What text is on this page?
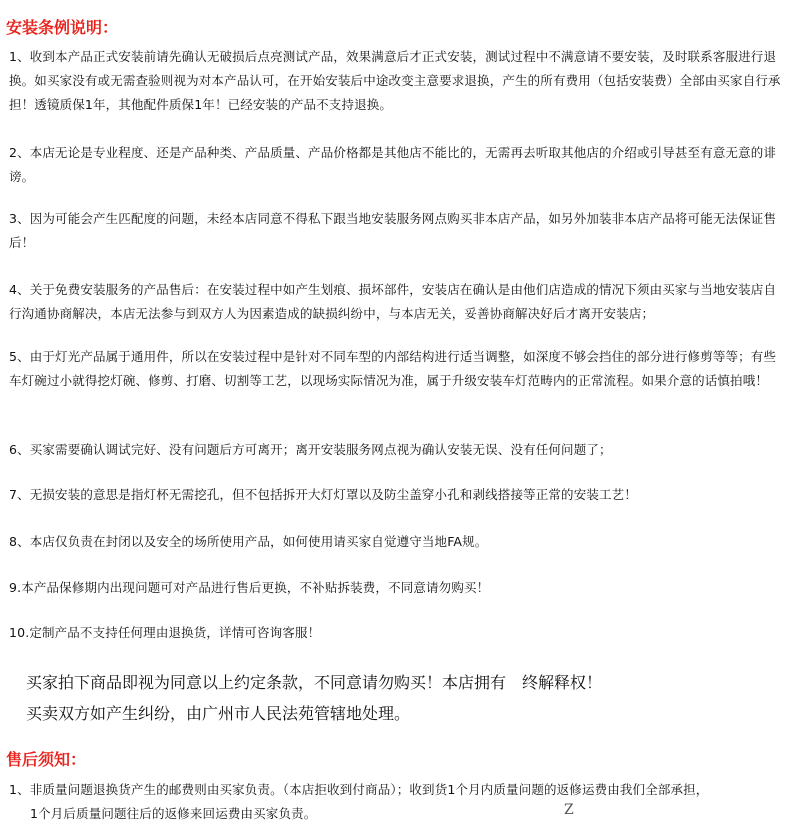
安装条例说明：

1、收到本产品正式安装前请先确认无破损后点亮测试产品，效果满意后才正式安装，测试过程中不满意请不要安装，及时联系客服进行退换。如买家没有或无需查验则视为对本产品认可，在开始安装后中途改变主意要求退换，产生的所有费用（包括安装费）全部由买家自行承担！透镜质保1年，其他配件质保1年！已经安装的产品不支持退换。

2、本店无论是专业程度、还是产品种类、产品质量、产品价格都是其他店不能比的，无需再去听取其他店的介绍或引导甚至有意无意的诽谤。

3、因为可能会产生匹配度的问题，未经本店同意不得私下跟当地安装服务网点购买非本店产品，如另外加装非本店产品将可能无法保证售后！

4、关于免费安装服务的产品售后：在安装过程中如产生划痕、损坏部件，安装店在确认是由他们店造成的情况下须由买家与当地安装店自行沟通协商解决，本店无法参与到双方人为因素造成的缺损纠纷中，与本店无关，妥善协商解决好后才离开安装店；

5、由于灯光产品属于通用件，所以在安装过程中是针对不同车型的内部结构进行适当调整，如深度不够会挡住的部分进行修剪等等；有些车灯碗过小就得挖灯碗、修剪、打磨、切割等工艺，以现场实际情况为准，属于升级安装车灯范畴内的正常流程。如果介意的话慎拍哦！

6、买家需要确认调试完好、没有问题后方可离开；离开安装服务网点视为确认安装无误、没有任何问题了；

7、无损安装的意思是指灯杯无需挖孔，但不包括拆开大灯灯罩以及防尘盖穿小孔和剥线搭接等正常的安装工艺！

8、本店仅负责在封闭以及安全的场所使用产品，如何使用请买家自觉遵守当地FA规。

9.本产品保修期内出现问题可对产品进行售后更换，不补贴拆装费，不同意请勿购买！

10.定制产品不支持任何理由退换货，详情可咨询客服！

买家拍下商品即视为同意以上约定条款，不同意请勿购买！本店拥有　终解释权！

买卖双方如产生纠纷，由广州市人民法苑管辖地处理。

售后须知：

1、非质量问题退换货产生的邮费则由买家负责。（本店拒收到付商品）；收到货1个月内质量问题的返修运费由我们全部承担，

1个月后质量问题往后的返修来回运费由买家负责。	Z
